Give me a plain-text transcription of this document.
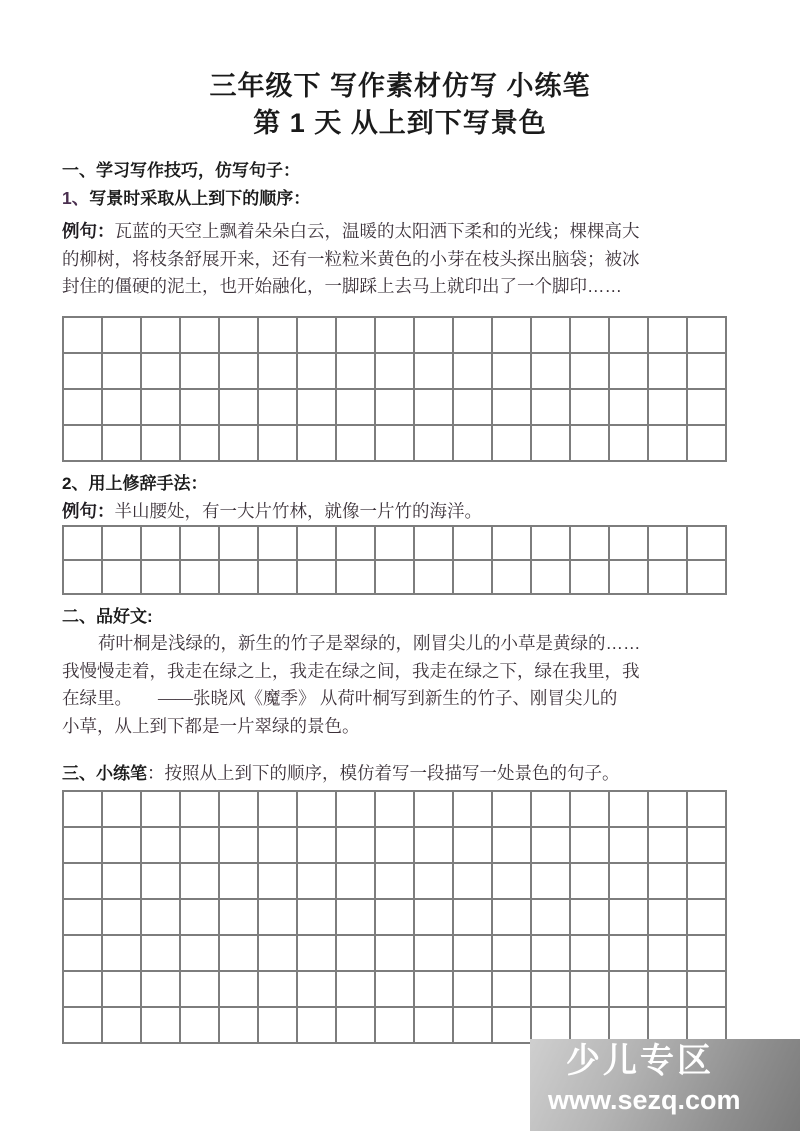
三年级下 写作素材仿写 小练笔
第 1 天 从上到下写景色
一、学习写作技巧，仿写句子：
1、写景时采取从上到下的顺序：
例句：瓦蓝的天空上飘着朵朵白云，温暖的太阳洒下柔和的光线；棵棵高大
的柳树，将枝条舒展开来，还有一粒粒米黄色的小芽在枝头探出脑袋；被冰
封住的僵硬的泥土，也开始融化，一脚踩上去马上就印出了一个脚印……
2、用上修辞手法：
例句：半山腰处，有一大片竹林，就像一片竹的海洋。
二、品好文:
荷叶桐是浅绿的，新生的竹子是翠绿的，刚冒尖儿的小草是黄绿的……
我慢慢走着，我走在绿之上，我走在绿之间，我走在绿之下，绿在我里，我
在绿里。 ——张晓风《魔季》 从荷叶桐写到新生的竹子、刚冒尖儿的
小草，从上到下都是一片翠绿的景色。
三、小练笔：按照从上到下的顺序，模仿着写一段描写一处景色的句子。
少儿专区
www.sezq.com
